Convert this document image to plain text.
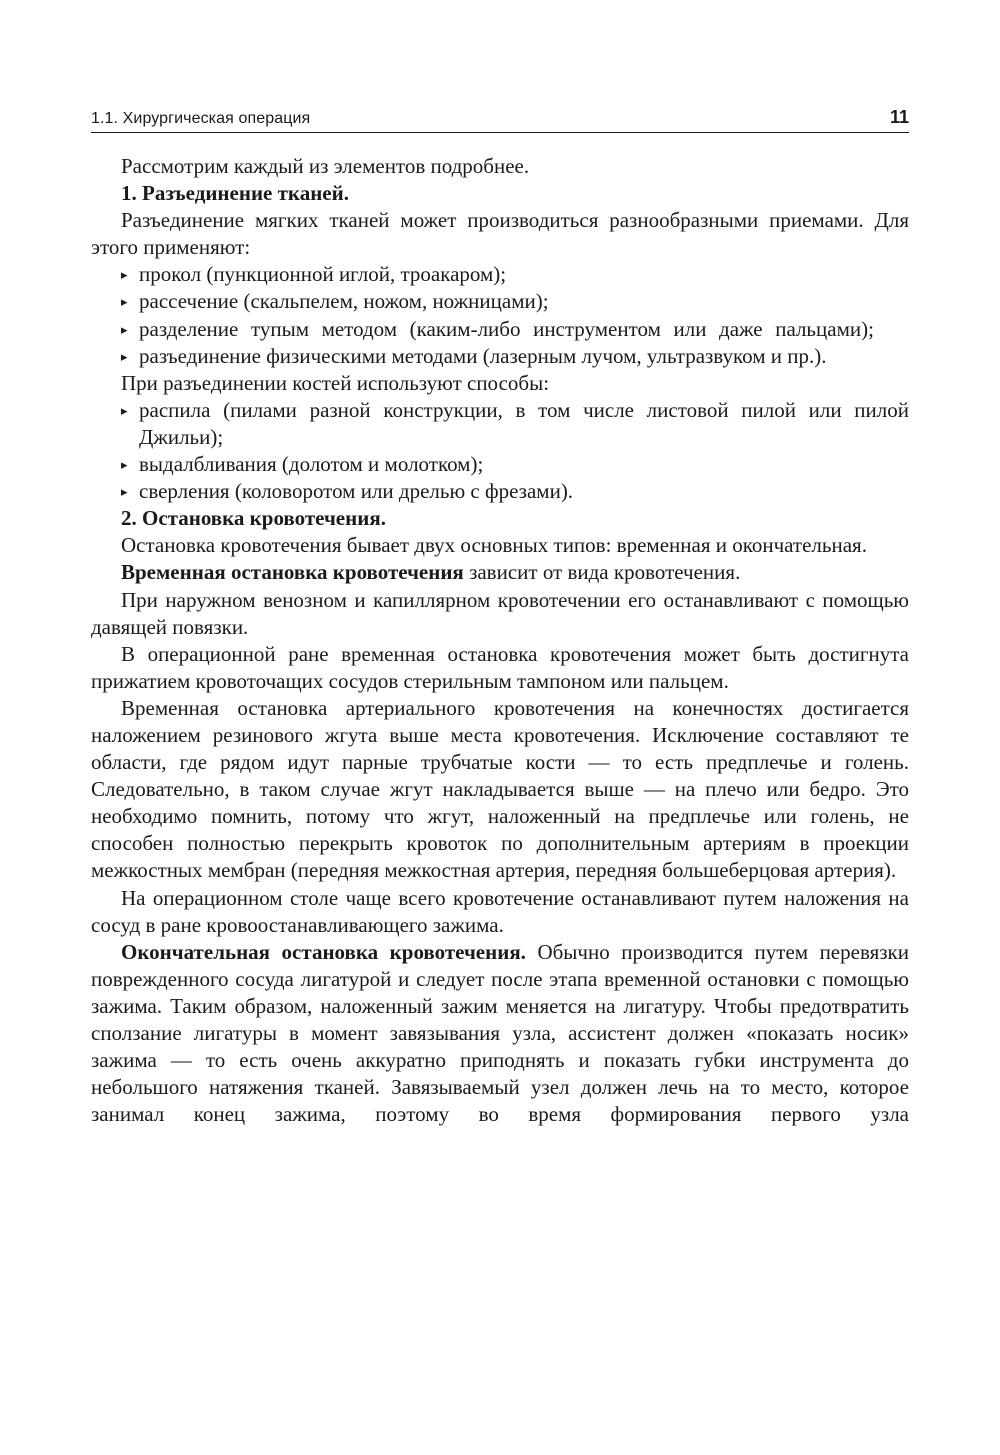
1.1. Хирургическая операция	11

Рассмотрим каждый из элементов подробнее.

1. Разъединение тканей.

Разъединение мягких тканей может производиться разнообразными приемами. Для этого применяют:

▸ прокол (пункционной иглой, троакаром);
▸ рассечение (скальпелем, ножом, ножницами);
▸ разделение тупым методом (каким-либо инструментом или даже пальцами);
▸ разъединение физическими методами (лазерным лучом, ультразвуком и пр.).

При разъединении костей используют способы:

▸ распила (пилами разной конструкции, в том числе листовой пилой или пилой Джильи);
▸ выдалбливания (долотом и молотком);
▸ сверления (коловоротом или дрелью с фрезами).

2. Остановка кровотечения.

Остановка кровотечения бывает двух основных типов: временная и окончательная.

Временная остановка кровотечения зависит от вида кровотечения.

При наружном венозном и капиллярном кровотечении его останавливают с помощью давящей повязки.

В операционной ране временная остановка кровотечения может быть достигнута прижатием кровоточащих сосудов стерильным тампоном или пальцем.

Временная остановка артериального кровотечения на конечностях достигается наложением резинового жгута выше места кровотечения. Исключение составляют те области, где рядом идут парные трубчатые кости — то есть предплечье и голень. Следовательно, в таком случае жгут накладывается выше — на плечо или бедро. Это необходимо помнить, потому что жгут, наложенный на предплечье или голень, не способен полностью перекрыть кровоток по дополнительным артериям в проекции межкостных мембран (передняя межкостная артерия, передняя большеберцовая артерия).

На операционном столе чаще всего кровотечение останавливают путем наложения на сосуд в ране кровоостанавливающего зажима.

Окончательная остановка кровотечения. Обычно производится путем перевязки поврежденного сосуда лигатурой и следует после этапа временной остановки с помощью зажима. Таким образом, наложенный зажим меняется на лигатуру. Чтобы предотвратить сползание лигатуры в момент завязывания узла, ассистент должен «показать носик» зажима — то есть очень аккуратно приподнять и показать губки инструмента до небольшого натяжения тканей. Завязываемый узел должен лечь на то место, которое занимал конец зажима, поэтому во время формирования первого узла
